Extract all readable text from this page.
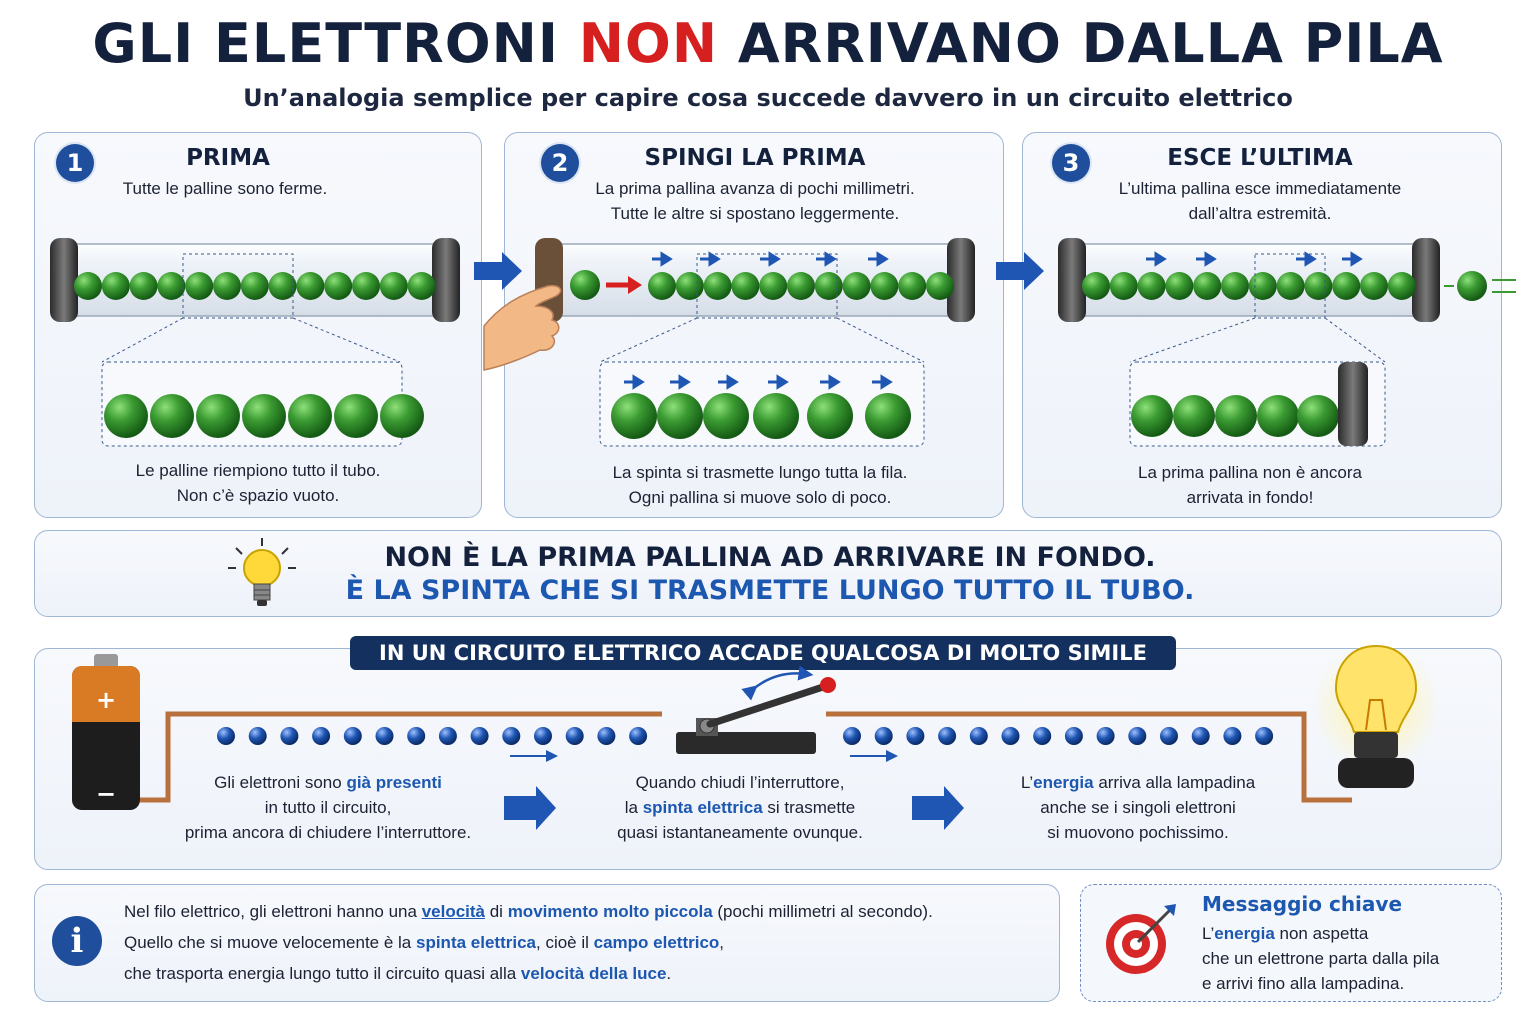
GLI ELETTRONI NON ARRIVANO DALLA PILA
Un’analogia semplice per capire cosa succede davvero in un circuito elettrico
1	PRIMA
Tutte le palline sono ferme.
Le palline riempiono tutto il tubo.
Non c’è spazio vuoto.
2	SPINGI LA PRIMA
La prima pallina avanza di pochi millimetri.
Tutte le altre si spostano leggermente.
La spinta si trasmette lungo tutta la fila.
Ogni pallina si muove solo di poco.
3	ESCE L’ULTIMA
L’ultima pallina esce immediatamente
dall’altra estremità.
La prima pallina non è ancora
arrivata in fondo!
NON È LA PRIMA PALLINA AD ARRIVARE IN FONDO.
È LA SPINTA CHE SI TRASMETTE LUNGO TUTTO IL TUBO.
IN UN CIRCUITO ELETTRICO ACCADE QUALCOSA DI MOLTO SIMILE
+
−	Gli elettroni sono già presenti
in tutto il circuito,
prima ancora di chiudere l’interruttore.
Quando chiudi l’interruttore,
la spinta elettrica si trasmette
quasi istantaneamente ovunque.
L’energia arriva alla lampadina
anche se i singoli elettroni
si muovono pochissimo.
i
Nel filo elettrico, gli elettroni hanno una velocità di movimento molto piccola (pochi millimetri al secondo).
Quello che si muove velocemente è la spinta elettrica, cioè il campo elettrico,
che trasporta energia lungo tutto il circuito quasi alla velocità della luce.
Messaggio chiave
L’energia non aspetta
che un elettrone parta dalla pila
e arrivi fino alla lampadina.
